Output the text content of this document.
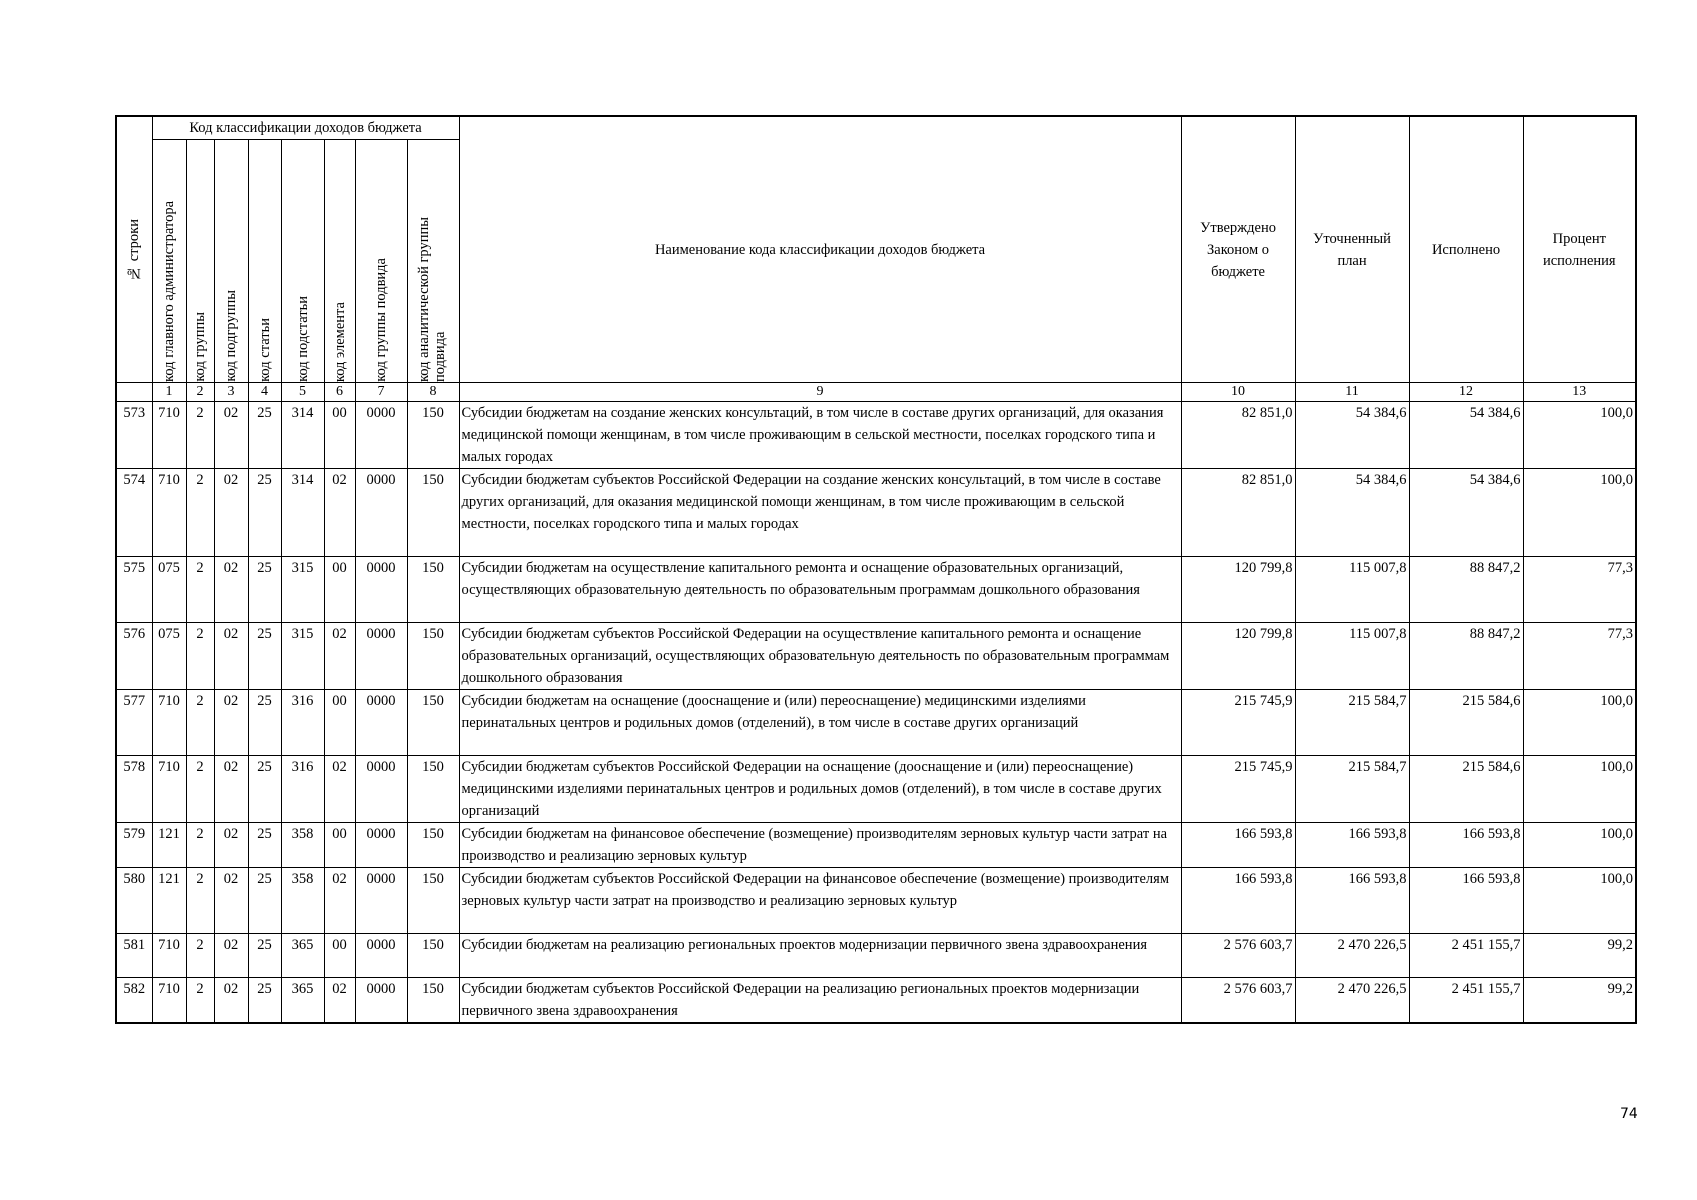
№ строки	Код классификации доходов бюджета								Наименование кода классификации доходов бюджета	Утверждено Законом о бюджете	Уточненный план	Исполнено	Процент исполнения

	код главного администратора	код группы	код подгруппы	код статьи	код подстатьи	код элемента	код группы подвида	код аналитической группы подвида					

	1	2	3	4	5	6	7	8	9	10	11	12	13
573	710	2	02	25	314	00	0000	150	Субсидии бюджетам на создание женских консультаций, в том числе в составе других организаций, для оказания медицинской помощи женщинам, в том числе проживающим в сельской местности, поселках городского типа и малых городах	82 851,0	54 384,6	54 384,6	100,0
574	710	2	02	25	314	02	0000	150	Субсидии бюджетам субъектов Российской Федерации на создание женских консультаций, в том числе в составе других организаций, для оказания медицинской помощи женщинам, в том числе проживающим в сельской местности, поселках городского типа и малых городах	82 851,0	54 384,6	54 384,6	100,0
575	075	2	02	25	315	00	0000	150	Субсидии бюджетам на осуществление капитального ремонта и оснащение образовательных организаций, осуществляющих образовательную деятельность по образовательным программам дошкольного образования	120 799,8	115 007,8	88 847,2	77,3
576	075	2	02	25	315	02	0000	150	Субсидии бюджетам субъектов Российской Федерации на осуществление капитального ремонта и оснащение образовательных организаций, осуществляющих образовательную деятельность по образовательным программам дошкольного образования	120 799,8	115 007,8	88 847,2	77,3
577	710	2	02	25	316	00	0000	150	Субсидии бюджетам на оснащение (дооснащение и (или) переоснащение) медицинскими изделиями перинатальных центров и родильных домов (отделений), в том числе в составе других организаций	215 745,9	215 584,7	215 584,6	100,0
578	710	2	02	25	316	02	0000	150	Субсидии бюджетам субъектов Российской Федерации на оснащение (дооснащение и (или) переоснащение) медицинскими изделиями перинатальных центров и родильных домов (отделений), в том числе в составе других организаций	215 745,9	215 584,7	215 584,6	100,0
579	121	2	02	25	358	00	0000	150	Субсидии бюджетам на финансовое обеспечение (возмещение) производителям зерновых культур части затрат на производство и реализацию зерновых культур	166 593,8	166 593,8	166 593,8	100,0
580	121	2	02	25	358	02	0000	150	Субсидии бюджетам субъектов Российской Федерации на финансовое обеспечение (возмещение) производителям зерновых культур части затрат на производство и реализацию зерновых культур	166 593,8	166 593,8	166 593,8	100,0
581	710	2	02	25	365	00	0000	150	Субсидии бюджетам на реализацию региональных проектов модернизации первичного звена здравоохранения	2 576 603,7	2 470 226,5	2 451 155,7	99,2
582	710	2	02	25	365	02	0000	150	Субсидии бюджетам субъектов Российской Федерации на реализацию региональных проектов модернизации первичного звена здравоохранения	2 576 603,7	2 470 226,5	2 451 155,7	99,2
74
